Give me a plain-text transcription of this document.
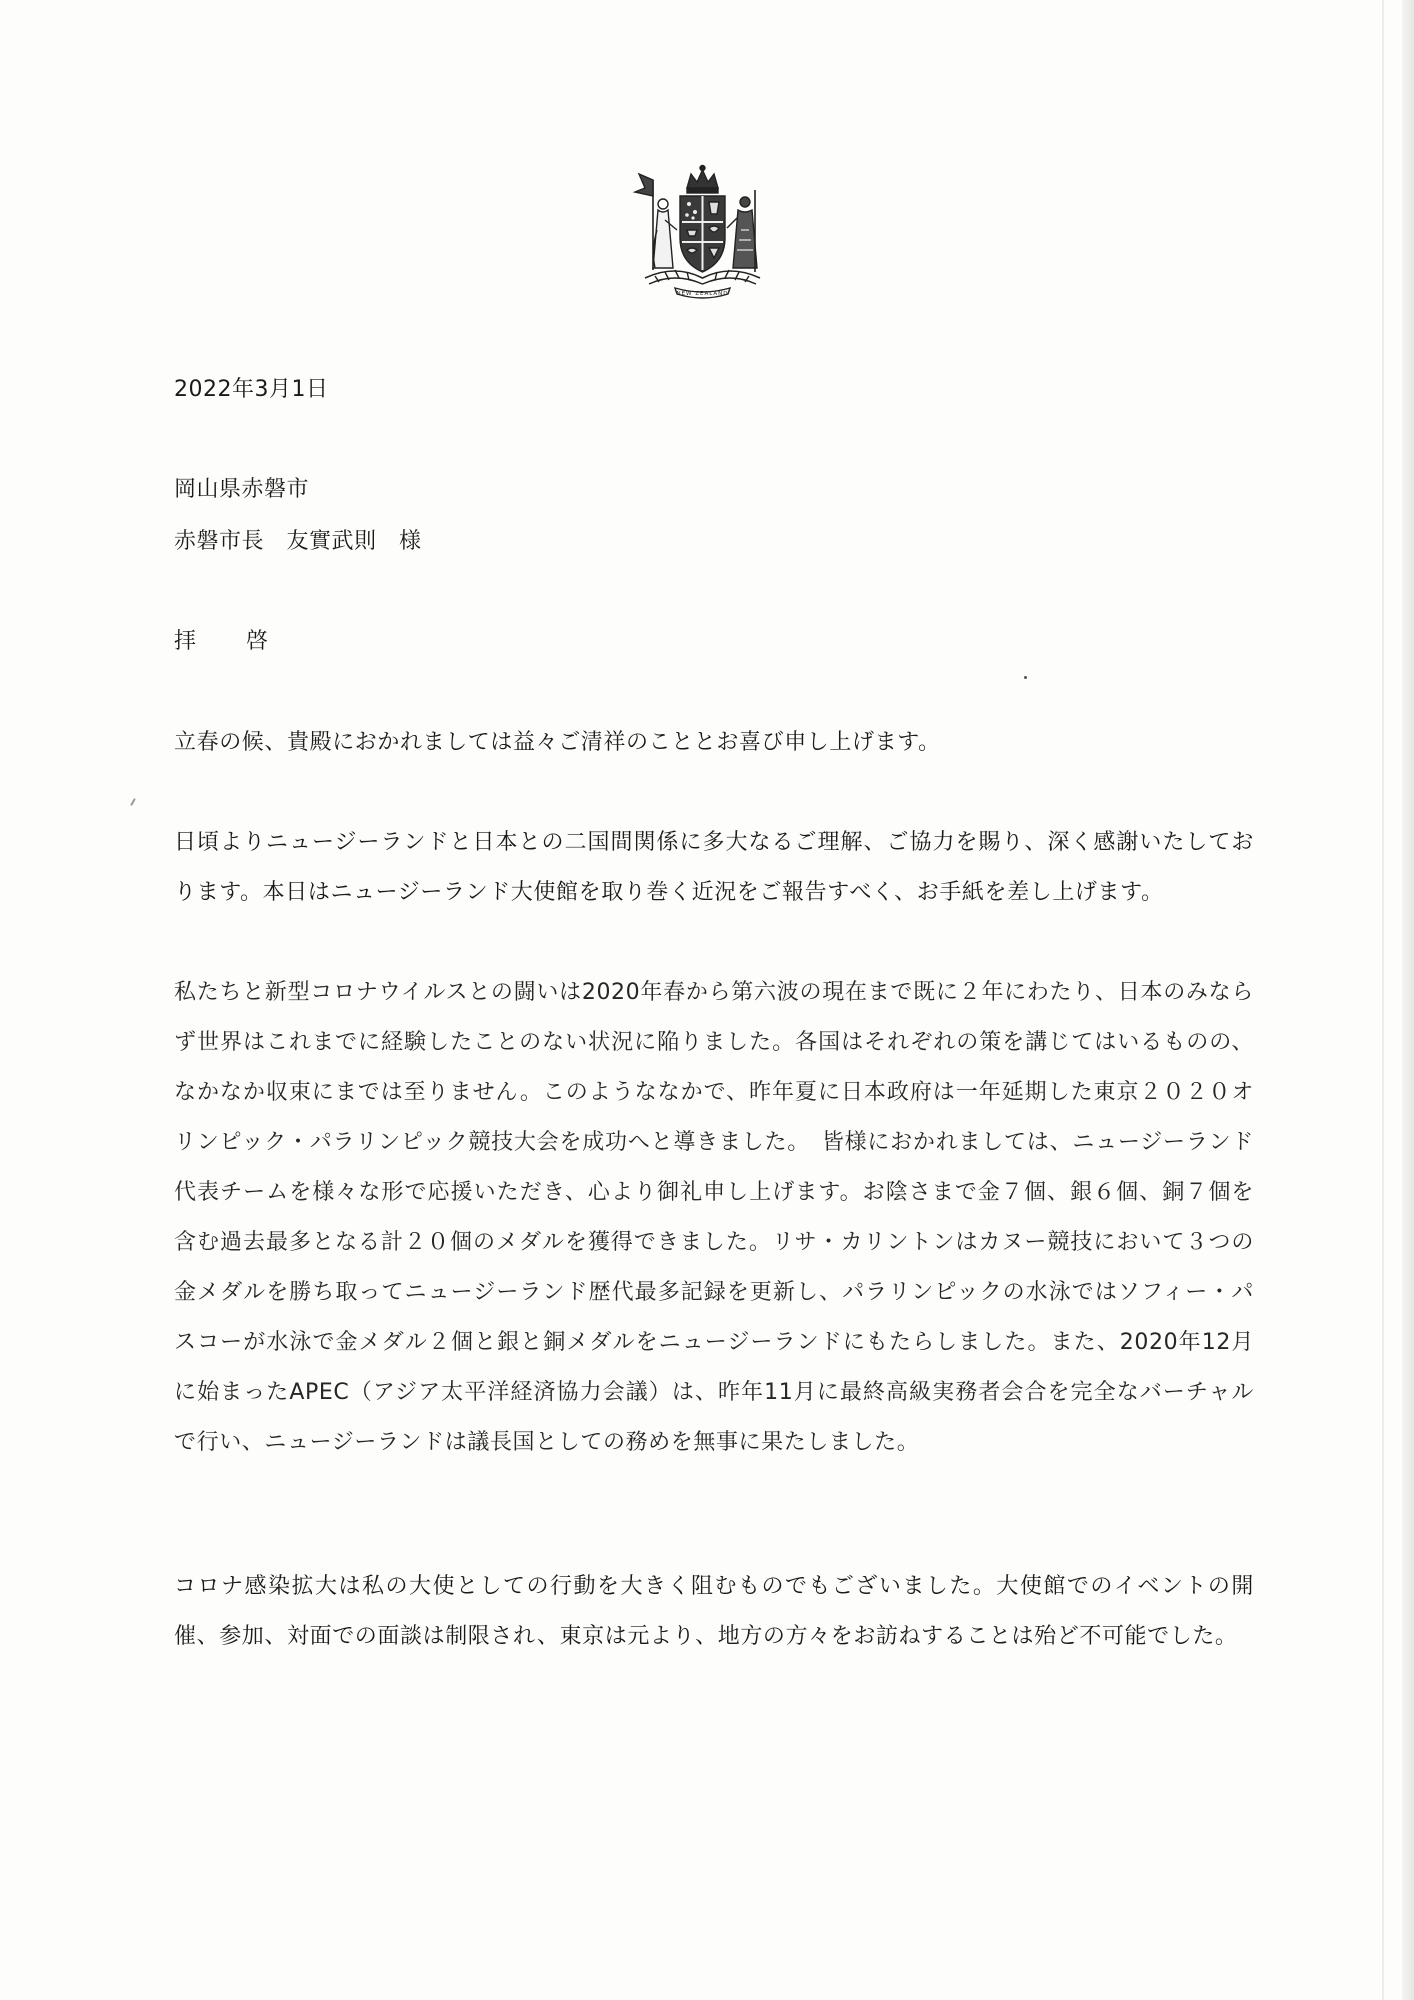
NEW ZEALAND
2022年3月1日
岡山県赤磐市
赤磐市長　友實武則　様
拝　啓

立春の候、貴殿におかれましては益々ご清祥のこととお喜び申し上げます。

日頃よりニュージーランドと日本との二国間関係に多大なるご理解、ご協力を賜り、深く感謝いたしております。本日はニュージーランド大使館を取り巻く近況をご報告すべく、お手紙を差し上げます。

私たちと新型コロナウイルスとの闘いは2020年春から第六波の現在まで既に２年にわたり、日本のみならず世界はこれまでに経験したことのない状況に陥りました。各国はそれぞれの策を講じてはいるものの、なかなか収束にまでは至りません。このようななかで、昨年夏に日本政府は一年延期した東京２０２０オリンピック・パラリンピック競技大会を成功へと導きました。　皆様におかれましては、ニュージーランド代表チームを様々な形で応援いただき、心より御礼申し上げます。お陰さまで金７個、銀６個、銅７個を含む過去最多となる計２０個のメダルを獲得できました。リサ・カリントンはカヌー競技において３つの金メダルを勝ち取ってニュージーランド歴代最多記録を更新し、パラリンピックの水泳ではソフィー・パスコーが水泳で金メダル２個と銀と銅メダルをニュージーランドにもたらしました。また、2020年12月に始まったAPEC（アジア太平洋経済協力会議）は、昨年11月に最終高級実務者会合を完全なバーチャルで行い、ニュージーランドは議長国としての務めを無事に果たしました。

コロナ感染拡大は私の大使としての行動を大きく阻むものでもございました。大使館でのイベントの開催、参加、対面での面談は制限され、東京は元より、地方の方々をお訪ねすることは殆ど不可能でした。
